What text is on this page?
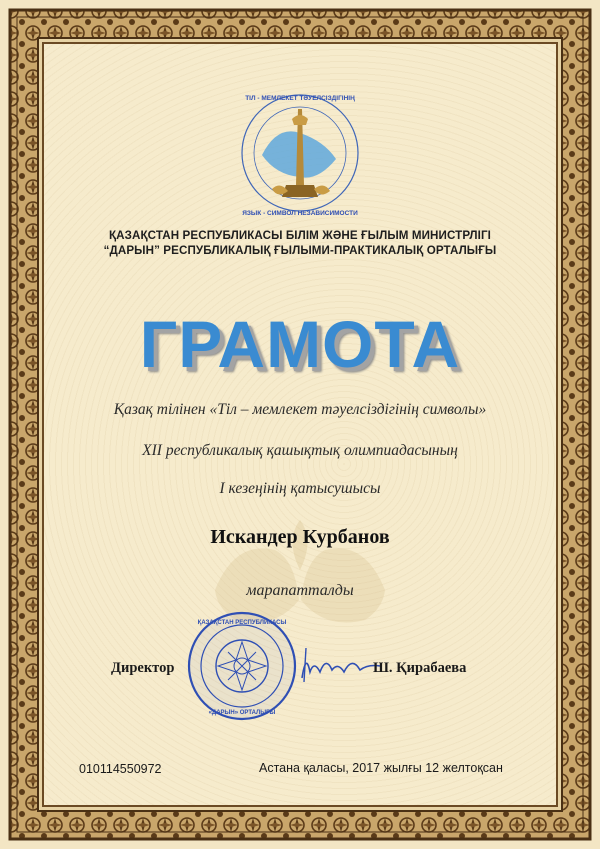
ТІЛ - МЕМЛЕКЕТ ТӘУЕЛСІЗДІГІНІҢ
ЯЗЫК - СИМВОЛ НЕЗАВИСИМОСТИ
ҚАЗАҚСТАН РЕСПУБЛИКАСЫ БІЛІМ ЖӘНЕ ҒЫЛЫМ МИНИСТРЛІГІ
“ДАРЫН” РЕСПУБЛИКАЛЫҚ ҒЫЛЫМИ-ПРАКТИКАЛЫҚ ОРТАЛЫҒЫ
ГРАМОТА
Қазақ тілінен «Тіл – мемлекет тәуелсіздігінің символы»
XII республикалық қашықтық олимпиадасының
І кезеңінің қатысушысы
Искандер Курбанов
марапатталды
Директор	Ш. Қирабаева
ҚАЗАҚСТАН РЕСПУБЛИКАСЫ
«ДАРЫН» ОРТАЛЫҒЫ
010114550972	Астана қаласы, 2017 жылғы 12 желтоқсан
